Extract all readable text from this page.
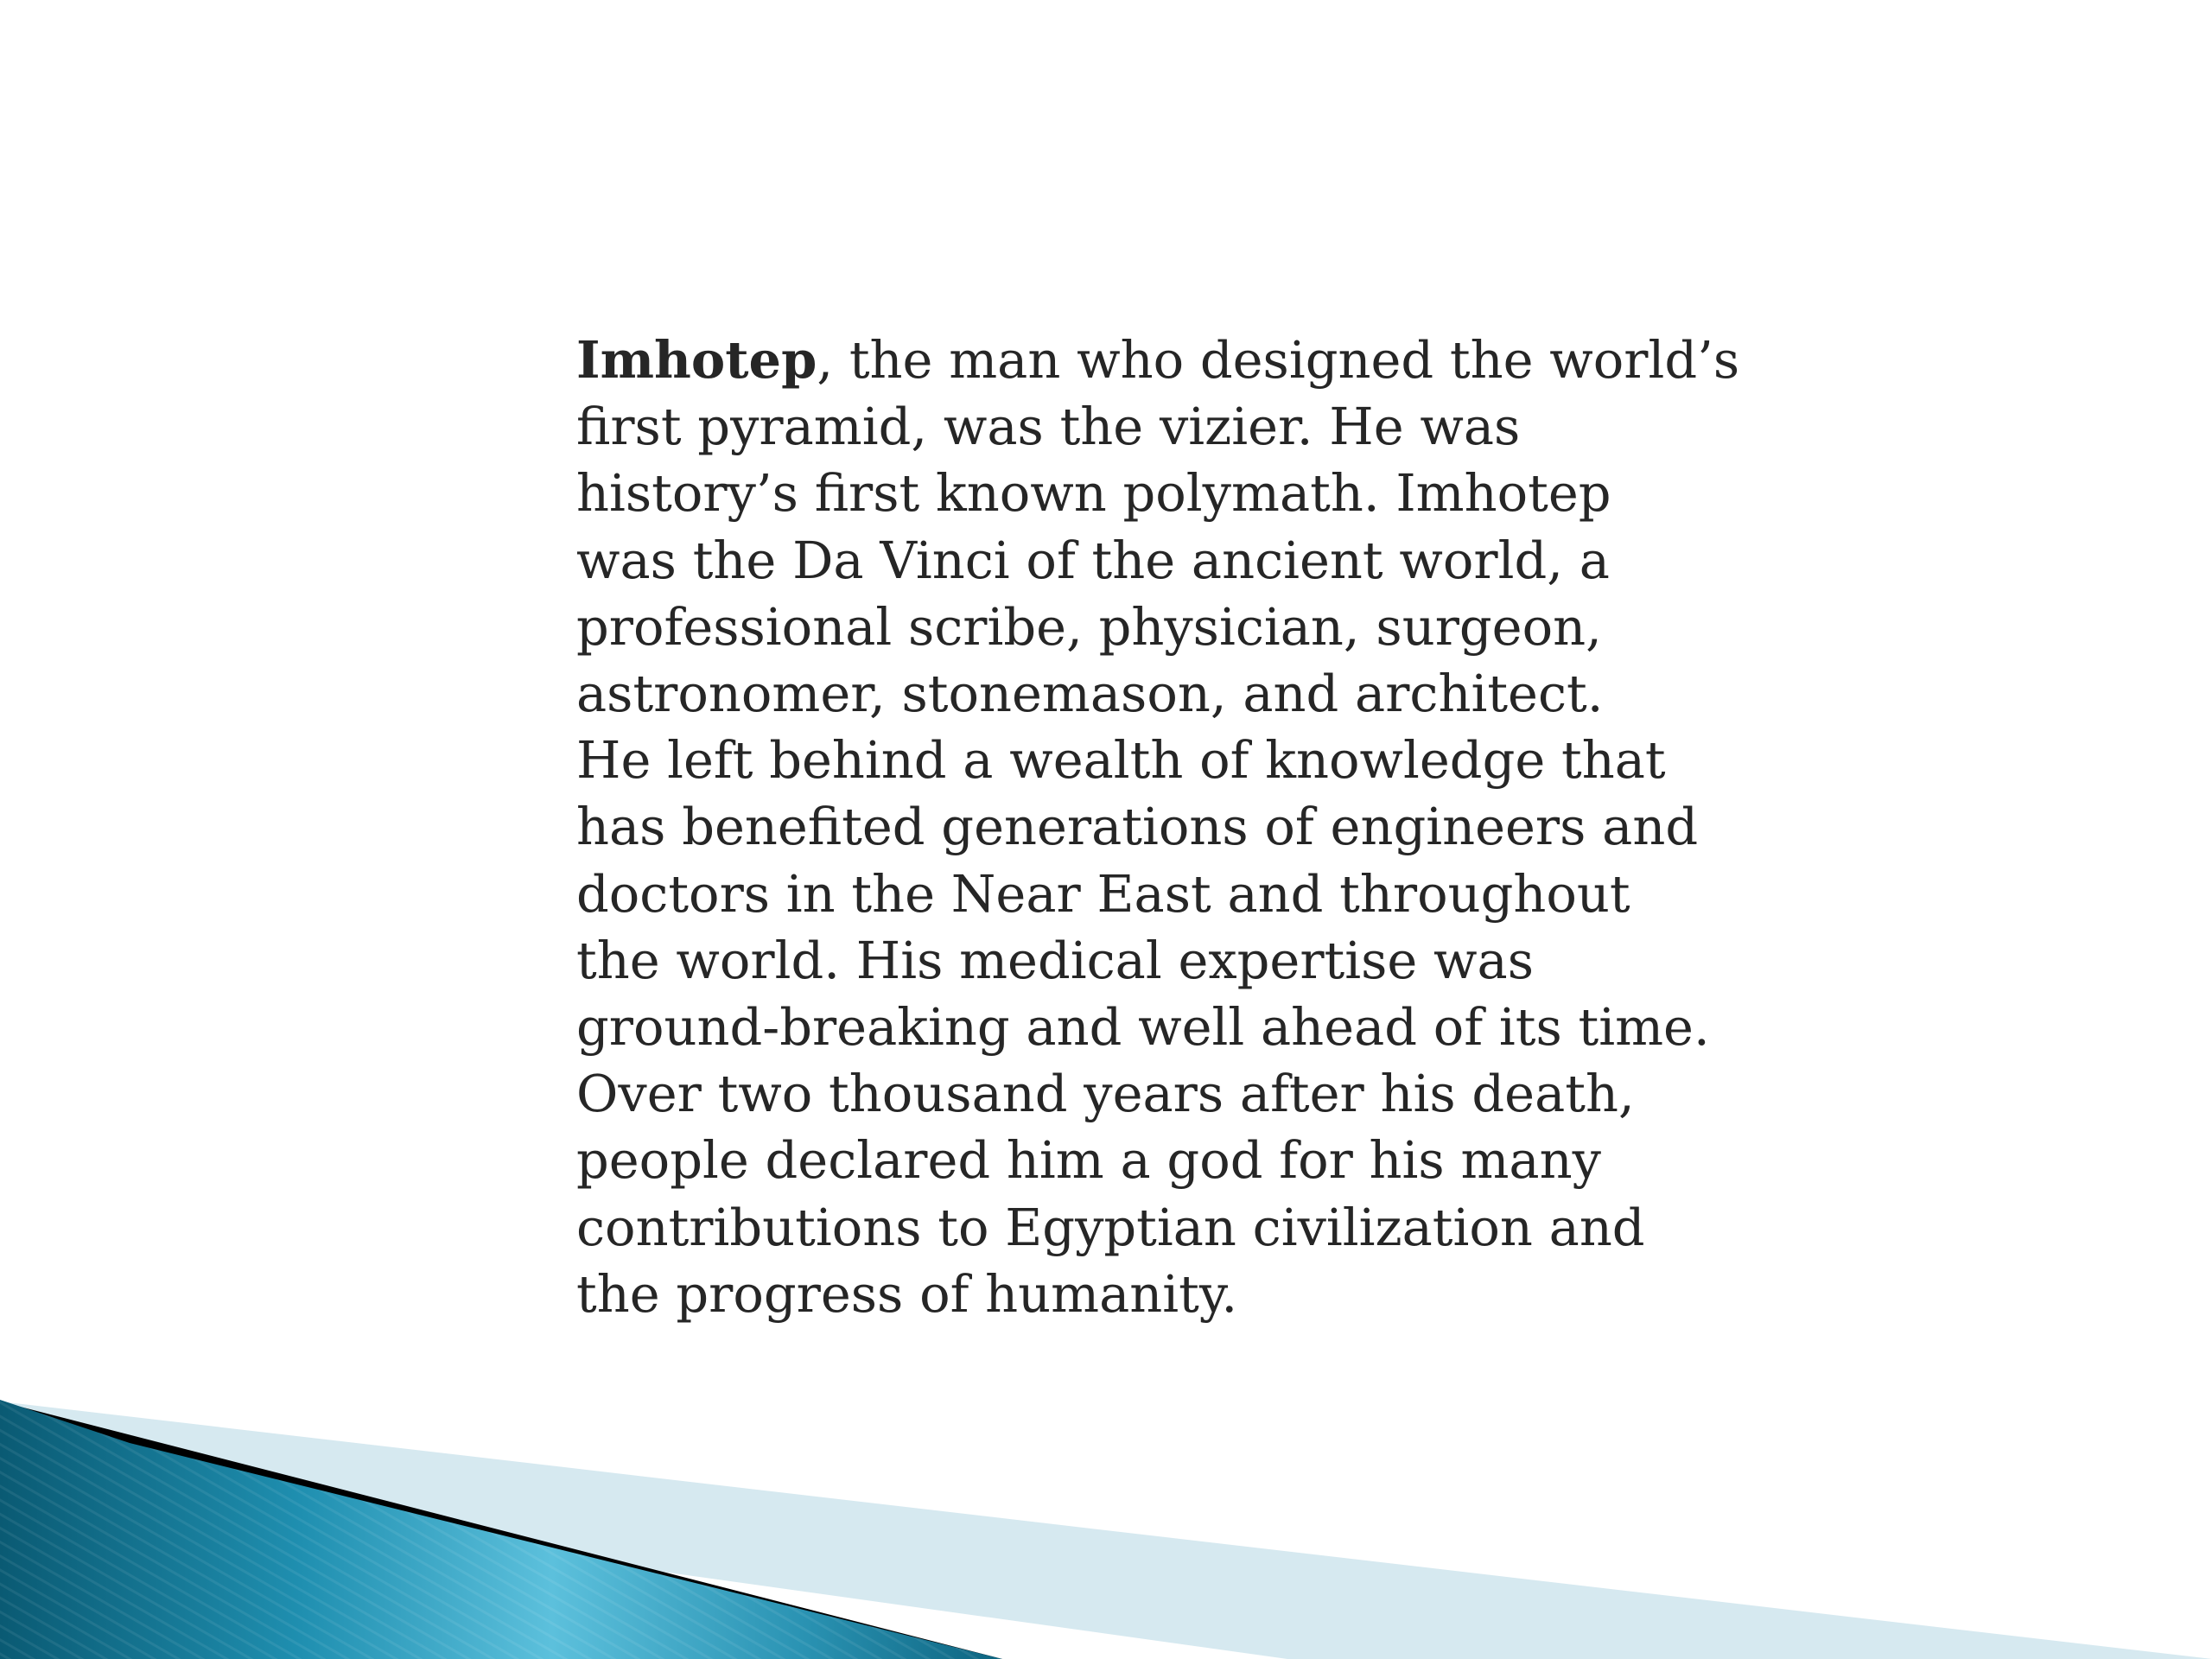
Imhotep, the man who designed the world’s
first pyramid, was the vizier. He was
history’s first known polymath. Imhotep
was the Da Vinci of the ancient world, a
professional scribe, physician, surgeon,
astronomer, stonemason, and architect.
He left behind a wealth of knowledge that
has benefited generations of engineers and
doctors in the Near East and throughout
the world. His medical expertise was
ground-breaking and well ahead of its time.
Over two thousand years after his death,
people declared him a god for his many
contributions to Egyptian civilization and
the progress of humanity.
